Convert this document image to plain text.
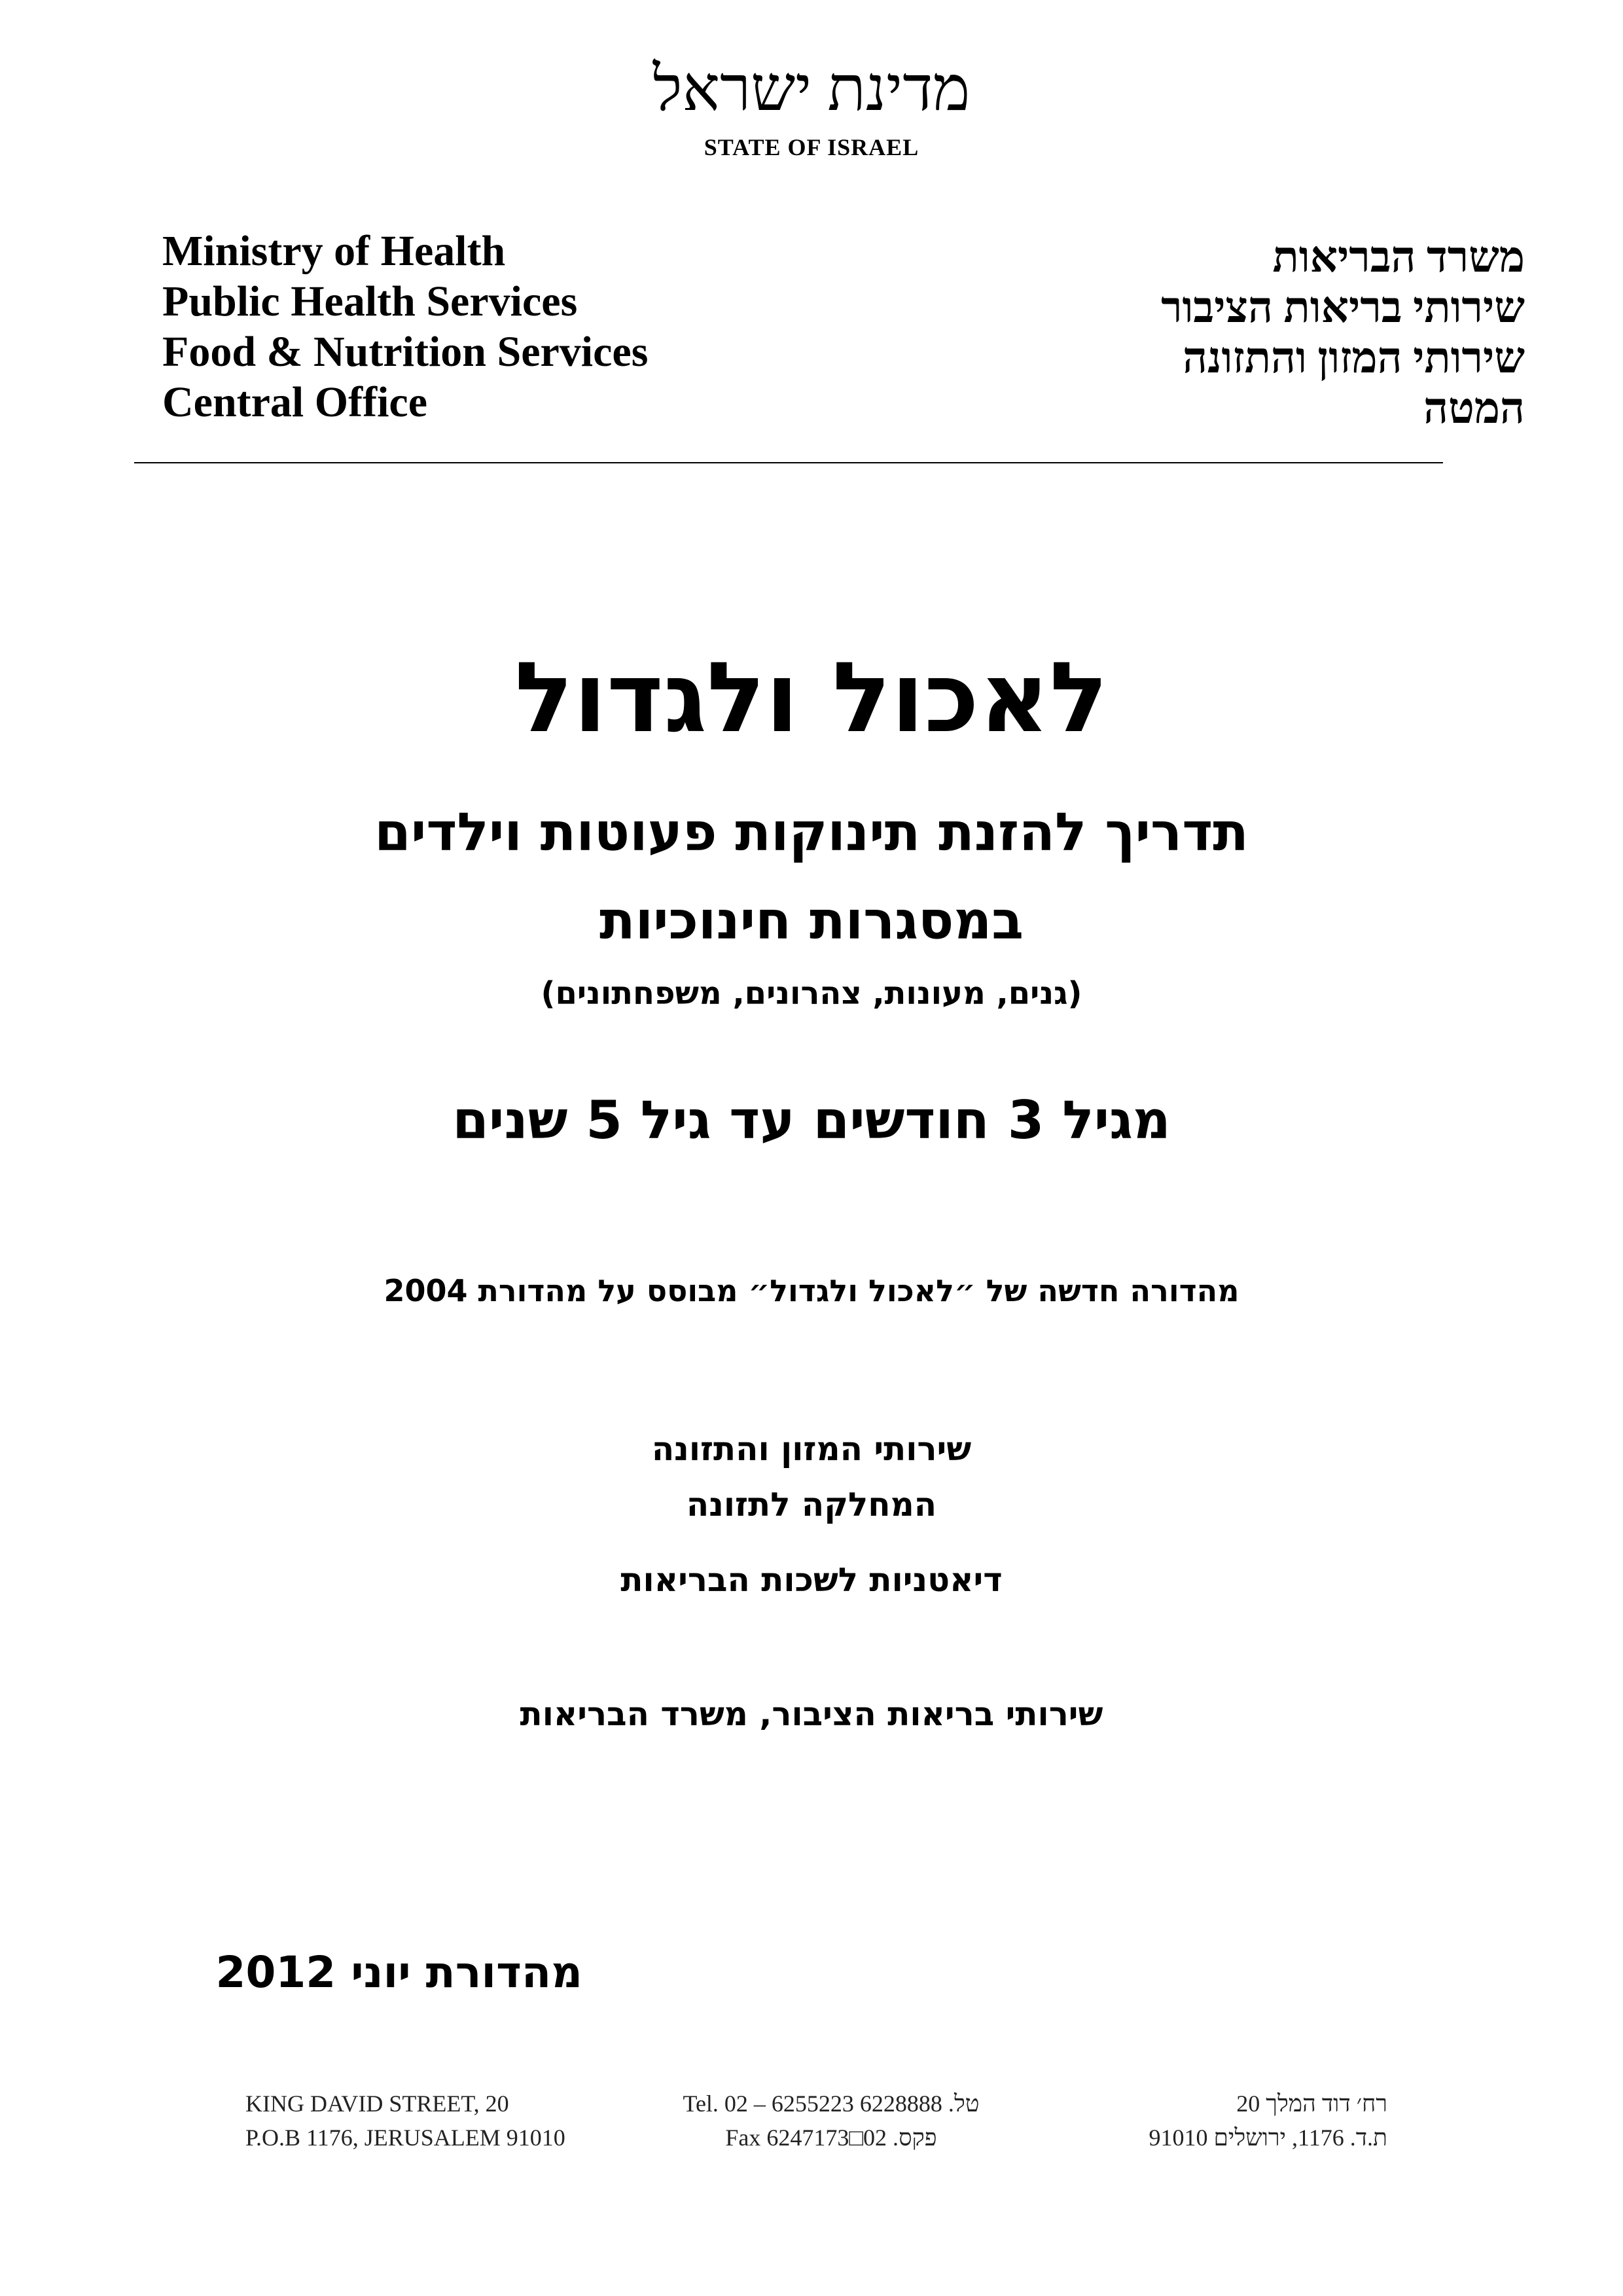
מדינת ישראל
STATE OF ISRAEL
Ministry of Health
Public Health Services
Food & Nutrition Services
Central Office
משרד הבריאות
שירותי בריאות הציבור
שירותי המזון והתזונה
המטה
לאכול ולגדול
תדריך להזנת תינוקות פעוטות וילדים
במסגרות חינוכיות
(גנים, מעונות, צהרונים, משפחתונים)
מגיל 3 חודשים עד גיל 5 שנים
מהדורה חדשה של ״לאכול ולגדול״ מבוסס על מהדורת 2004
שירותי המזון והתזונה
המחלקה לתזונה
דיאטניות לשכות הבריאות
שירותי בריאות הציבור, משרד הבריאות
מהדורת יוני 2012
KING DAVID STREET, 20
P.O.B 1176, JERUSALEM 91010
Tel. 02 – 6255223 6228888 .טל
Fax 6247173□02 .פקס
רח׳ דוד המלך 20
ת.ד. 1176, ירושלים 91010
